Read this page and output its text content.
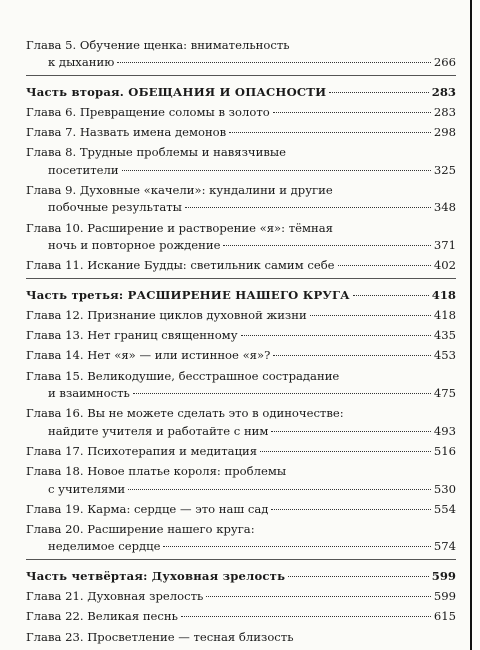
Глава 5. Обучение щенка: внимательность
к дыханию	266
Часть вторая. ОБЕЩАНИЯ И ОПАСНОСТИ	283
Глава 6. Превращение соломы в золото	283
Глава 7. Назвать имена демонов	298
Глава 8. Трудные проблемы и навязчивые
посетители	325
Глава 9. Духовные «качели»: кундалини и другие
побочные результаты	348
Глава 10. Расширение и растворение «я»: тёмная
ночь и повторное рождение	371
Глава 11. Искание Будды: светильник самим себе	402
Часть третья: РАСШИРЕНИЕ НАШЕГО КРУГА	418
Глава 12. Признание циклов духовной жизни	418
Глава 13. Нет границ священному	435
Глава 14. Нет «я» — или истинное «я»?	453
Глава 15. Великодушие, бесстрашное сострадание
и взаимность	475
Глава 16. Вы не можете сделать это в одиночестве:
найдите учителя и работайте с ним	493
Глава 17. Психотерапия и медитация	516
Глава 18. Новое платье короля: проблемы
с учителями	530
Глава 19. Карма: сердце — это наш сад	554
Глава 20. Расширение нашего круга:
неделимое сердце	574
Часть четвёртая: Духовная зрелость	599
Глава 21. Духовная зрелость	599
Глава 22. Великая песнь	615
Глава 23. Просветление — тесная близость
